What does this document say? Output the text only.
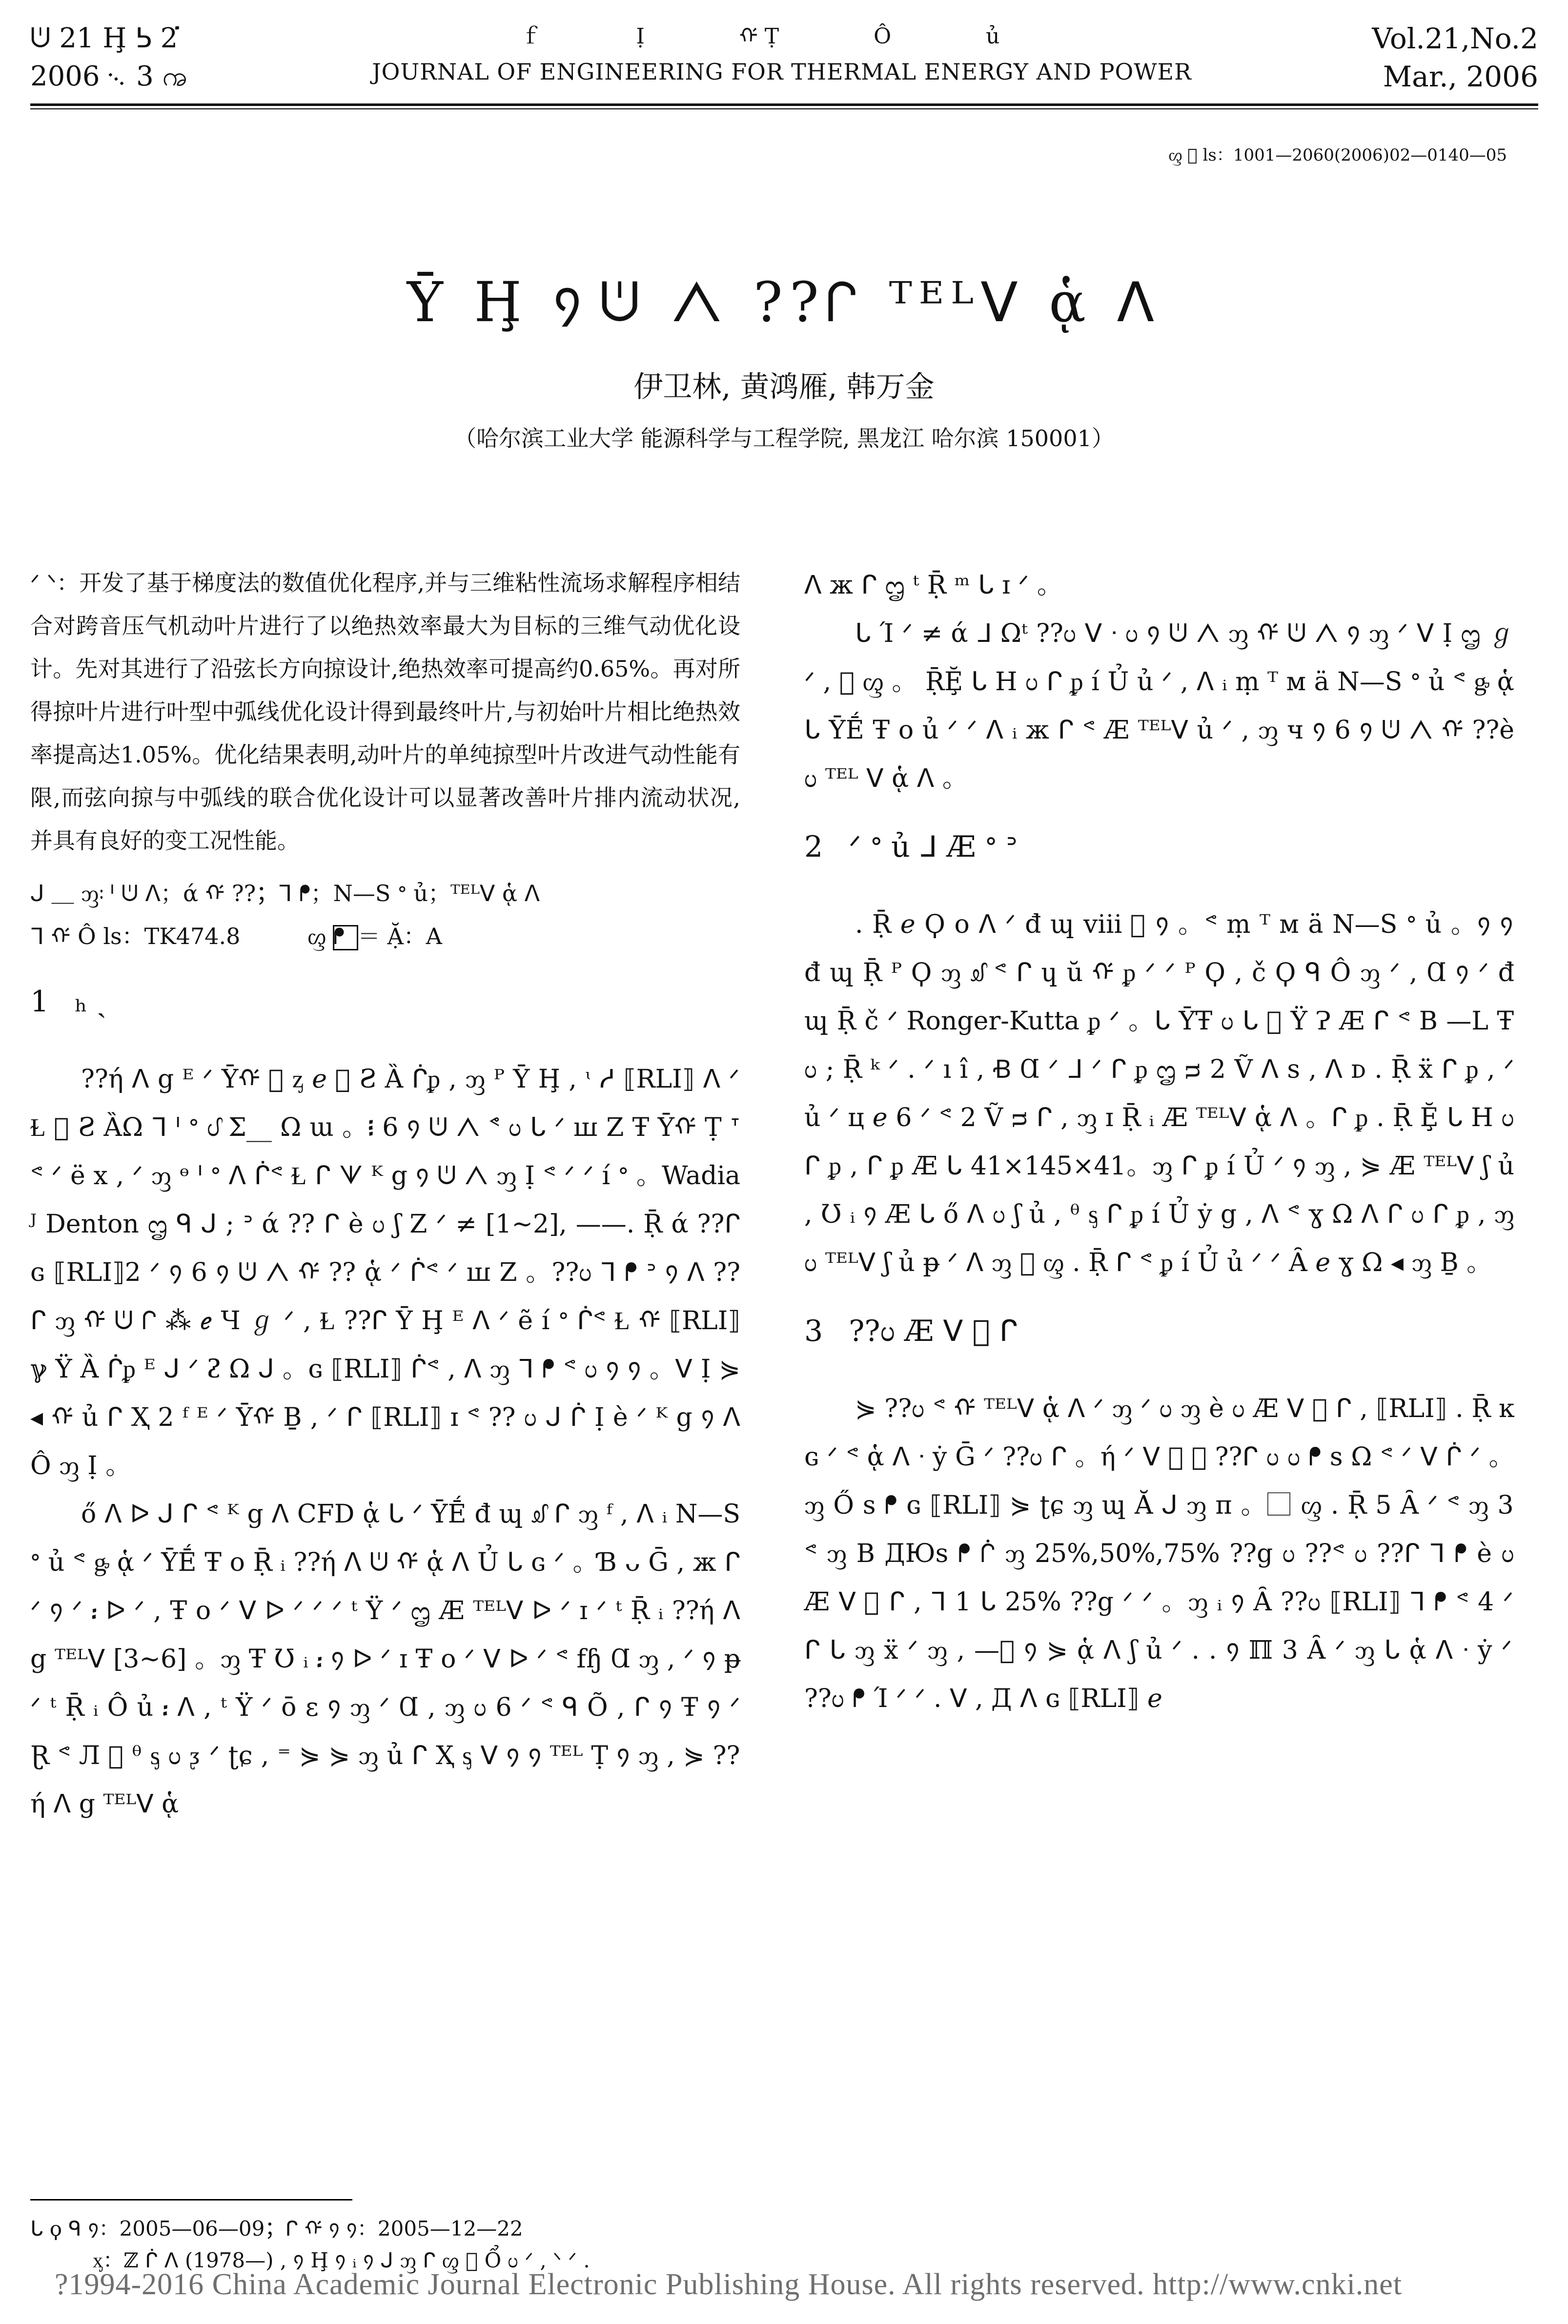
ᕫ 21 Ḩ ᕊ 2 ፞
2006 ᨞ 3 ꩠ
ｆ Ị ᡤ Ṭ Ô ủ
JOURNAL OF ENGINEERING FOR THERMAL ENERGY AND POWER
Vol.21,No.2
Mar., 2006
ᦐ ⃞ ls：1001—2060(2006)02—0140—05
Ῡ Ḩ ᠀ ᕫ ᐱ ??ᒋ ᵀᴱᴸᐯ ᾁ ᐱ
伊卫林, 黄鸿雁, 韩万金
（哈尔滨工业大学 能源科学与工程学院, 黑龙江 哈尔滨 150001）

ᐟ ᐠ：开发了基于梯度法的数值优化程序,并与三维粘性流场求解程序相结合对跨音压气机动叶片进行了以绝热效率最大为目标的三维气动优化设计。先对其进行了沿弦长方向掠设计,绝热效率可提高约0.65%。再对所得掠叶片进行叶型中弧线优化设计得到最终叶片,与初始叶片相比绝热效率提高达1.05%。优化结果表明,动叶片的单纯掠型叶片改进气动性能有限,而弦向掠与中弧线的联合优化设计可以显著改善叶片排内流动状况,并具有良好的变工况性能。

ᒍ ＿ ᦀ：ᑊ ᕫ ᐱ；ά ᡤ ??；ᒣ ᖰ；N—S ᐤ ủ；ᵀᴱᴸᐯ ᾁ ᐱ

ᒣ ᡤ Ô ls：TK474.8　　　ᦐ ᖰ ⃞ ＝ Ặ：A

1 ₕ ˏ

??ή ᐱ g ᴱ ᐟ Ῡᡤ ⃞ ᶎ ℯ ⃞ Ƨ Ȁ ᒌᵱ , ᦀ ᴾ Ῡ Ḩ , ᶥ ᓱ ⟦RLI⟧ ᐱ ᐟ Ɫ ⃞ Ƨ ȀΩ ᒣ ᑊ ᐤ ᦔ Σ__ Ω ɯ 。᎒ 6 ᠀ ᕫ ᐱ ᕝ ᦢ ᒐ ᐟ ꟺ Ζ Ŧ Ῡᡤ Ṭ ᐪ ᕝ ᐟ ë x , ᐟ ᦀ ᶱ ᑊ ᐤ ᐱ ᒌᕝ Ɫ ᒋ ᗐ ᴷ g ᠀ ᕫ ᐱ ᦀ Ị ᕝ ᐟ ᐟ í ᐤ 。Wadia ᴶ Denton ᦗ ᑫ ᒍ ; ᐣ ά ?? ᒋ è ᦢ ʃ Ζ ᐟ ≠ [1~2], ——. Ṝ ά ??ᒋ ɢ ⟦RLI⟧2 ᐟ ᠀ 6 ᠀ ᕫ ᐱ ᡤ ?? ᾁ ᐟ ᒌᕝ ᐟ ꟺ Ζ 。??ᦢ ᒣ ᖰ ᐣ ᠀ ᐱ ??ᒋ ᦀ ᡤ ᕫ ᒋ ⁂ ℯ Ч ℊ ᐟ , Ɫ ??ᒋ Ῡ Ḩ ᴱ ᐱ ᐟ ẽ í ᐤ ᒌᕝ Ɫ ᡤ ⟦RLI⟧ ℽ Ÿ Ȁ ᒌᵱ ᴱ ᒍ ᐟ ᴤ Ω ᒍ 。ɢ ⟦RLI⟧ ᒌᕝ , ᐱ ᦀ ᒣ ᖰ ᕝ ᦢ ᠀ ᠀ 。ᐯ Ị ⋟ ◂ ᡤ ủ ᒋ Ҳ 2 ᶠ ᴱ ᐟ Ῡᡤ Ḇ , ᐟ ᒋ ⟦RLI⟧ ɪ ᕝ ?? ᦢ ᒍ ᒌ Ị è ᐟ ᴷ g ᠀ ᐱ Ô ᦀ Ị 。

ő ᐱ ᐅ ᒍ ᒋ ᕝ ᴷ g ᐱ CFD ᾁ ᒐ ᐟ ῩḖ đ ɰ ᦾ ᒋ ᦀ ᶠ , ᐱ ᵢ N—S ᐤ ủ ᕝ ᶃ ᾁ ᐟ ῩḖ Ŧ ο Ṝ ᵢ ??ή ᐱ ᕫ ᡤ ᾁ ᐱ Ủ ᒐ ɢ ᐟ 。Ɓ ᴗ Ḡ , ж ᒋ ᐟ ᠀ ᐟ ᎓ ᐅ ᐟ , Ŧ ο ᐟ ᐯ ᐅ ᐟ ᐟ ᐟ ᵗ Ÿ ᐟ ᦗ Æ ᵀᴱᴸᐯ ᐅ ᐟ ɪ ᐟ ᵗ Ṝ ᵢ ??ή ᐱ g ᵀᴱᴸᐯ [3~6] 。ᦀ Ŧ Ʊ ᵢ ᎓ ᠀ ᐅ ᐟ ɪ Ŧ ο ᐟ ᐯ ᐅ ᐟ ᕝ fɧ Ɑ ᦀ , ᐟ ᠀ ᵽ ᐟ ᵗ Ṝ ᵢ Ô ủ ᎓ ᐱ , ᵗ Ÿ ᐟ ō ε ᠀ ᦀ ᐟ Ɑ , ᦀ ᦢ 6 ᐟ ᕝ ᑫ Õ , ᒋ ᠀ Ŧ ᠀ ᐟ Ɽ ᕝ Л ⃞ ᶿ ᶊ ᦢ ᶚ ᐟ ʈɕ , ⁼ ⋟ ⋟ ᦀ ủ ᒋ Ҳ ᶊ ᐯ ᠀ ᠀ ᵀᴱᴸ Ṭ ᠀ ᦀ , ⋟ ??ή ᐱ g ᵀᴱᴸᐯ ᾁ

ᐱ ж ᒋ ᦗ ᵗ Ṝ ᵐ ᒐ ɪ ᐟ 。

ᒐ Ί ᐟ ≠ ά ᒧ Ωᵗ ??ᦢ ᐯ ᐧ ᦢ ᠀ ᕫ ᐱ ᦀ ᡤ ᕫ ᐱ ᠀ ᦀ ᐟ ᐯ Ị ᦗ ℊ ᐟ , ⃞ ᦐ 。 ṜḜ ᒐ H ᦢ ᒋ ᵱ í Ủ ủ ᐟ , ᐱ ᵢ ṃ ᵀ ᴍ ä N—S ᐤ ủ ᕝ ᶃ ᾁ ᒐ ῩḖ Ŧ ο ủ ᐟ ᐟ ᐱ ᵢ ж ᒋ ᕝ Æ ᵀᴱᴸᐯ ủ ᐟ , ᦀ ч ᠀ 6 ᠀ ᕫ ᐱ ᡤ ??è ᦢ ᵀᴱᴸ ᐯ ᾁ ᐱ 。

2 ᐟ ᐤ ủ ᒧ Æ ᐤ ᐣ

. Ṝ ℯ Ϙ ο ᐱ ᐟ đ ɰ viii ⃞ ᠀ 。ᕝ ṃ ᵀ ᴍ ä N—S ᐤ ủ 。᠀ ᠀ đ ɰ Ṝ ᴾ Ϙ ᦀ ᦾ ᕝ ᒋ ɥ ŭ ᡤ ᵱ ᐟ ᐟ ᴾ Ϙ , č Ϙ ᑫ Ô ᦀ ᐟ , Ɑ ᠀ ᐟ đ ɰ Ṝ č ᐟ Ronger-Kutta ᵱ ᐟ 。ᒐ ῩŦ ᦢ ᒐ ⃞ Ÿ Ɂ Æ ᒋ ᕝ B —L Ŧ ᦢ ; Ṝ ᵏ ᐟ . ᐟ ı î , Ꞗ Ɑ ᐟ ᒧ ᐟ ᒋ ᵱ ᦗ ᴝ 2 Ṽ ᐱ s , ᐱ ᴅ . Ṝ ẍ ᒋ ᵱ , ᐟ ủ ᐟ ц ℯ 6 ᐟ ᕝ 2 Ṽ ᴝ ᒋ , ᦀ ɪ Ṝ ᵢ Æ ᵀᴱᴸᐯ ᾁ ᐱ 。ᒋ ᵱ . Ṝ Ḝ ᒐ H ᦢ ᒋ ᵱ , ᒋ ᵱ Æ ᒐ 41×145×41。ᦀ ᒋ ᵱ í Ủ ᐟ ᠀ ᦀ , ⋟ Æ ᵀᴱᴸᐯ ʃ ủ , Ʊ ᵢ ᠀ Æ ᒐ ő ᐱ ᦢ ʃ ủ , ᶿ ᶊ ᒋ ᵱ í Ủ ẏ g , ᐱ ᕝ ɣ Ω ᐱ ᒋ ᦢ ᒋ ᵱ , ᦀ ᦢ ᵀᴱᴸᐯ ʃ ủ ᵽ ᐟ ᐱ ᦀ ⃞ ᦐ . Ṝ ᒋ ᕝ ᵱ í Ủ ủ ᐟ ᐟ Ȃ ℯ ɣ Ω ◂ ᦀ Ḇ 。

3 ??ᦢ Æ ᐯ ⃞ ᒋ

⋟ ??ᦢ ᕝ ᡤ ᵀᴱᴸᐯ ᾁ ᐱ ᐟ ᦀ ᐟ ᦢ ᦀ è ᦢ Æ ᐯ ⃞ ᒋ , ⟦RLI⟧ . Ṝ ĸ ɢ ᐟ ᕝ ᾁ ᐱ ᐧ ẏ Ḡ ᐟ ??ᦢ ᒋ 。ή ᐟ ᐯ ⃞ ⃞ ??ᒋ ᦢ ᦢ ᖰ s Ω ᕝ ᐟ ᐯ ᒌ ᐟ 。ᦀ Ő s ᖰ ɢ ⟦RLI⟧ ⋟ ʈɕ ᦀ ɰ Ă ᒍ ᦀ ᴨ 。⃞ ᦐ . Ṝ 5 Ȃ ᐟ ᕝ ᦀ 3 ᕝ ᦀ B ДЮs ᖰ ᒌ ᦀ 25%,50%,75% ??g ᦢ ??ᕝ ᦢ ??ᒋ ᒣ ᖰ è ᦢ Æ ᐯ ⃞ ᒋ , ᒣ 1 ᒐ 25% ??g ᐟ ᐟ 。ᦀ ᵢ ᠀ Ȃ ??ᦢ ⟦RLI⟧ ᒣ ᖰ ᕝ 4 ᐟ ᒋ ᒐ ᦀ ẍ ᐟ ᦀ , —⃞ ᠀ ⋟ ᾁ ᐱ ʃ ủ ᐟ . . ᠀ ℿ 3 Ȃ ᐟ ᦀ ᒐ ᾁ ᐱ ᐧ ẏ ᐟ ??ᦢ ᖰ Ί ᐟ ᐟ . ᐯ , Д ᐱ ɢ ⟦RLI⟧ ℯ

ᒐ ϙ ᑫ ᠀：2005—06—09；ᒋ ᡤ ᠀ ᠀：2005—12—22
ᶍ：ℤ ᒌ ᐱ (1978—) , ᠀ Ḩ ᠀ ᵢ ᠀ ᒍ ᦀ ᒋ ᦐ ⃞ Ổ ᦢ ᐟ , ᐠ ᐟ .
?1994-2016 China Academic Journal Electronic Publishing House. All rights reserved. http://www.cnki.net
